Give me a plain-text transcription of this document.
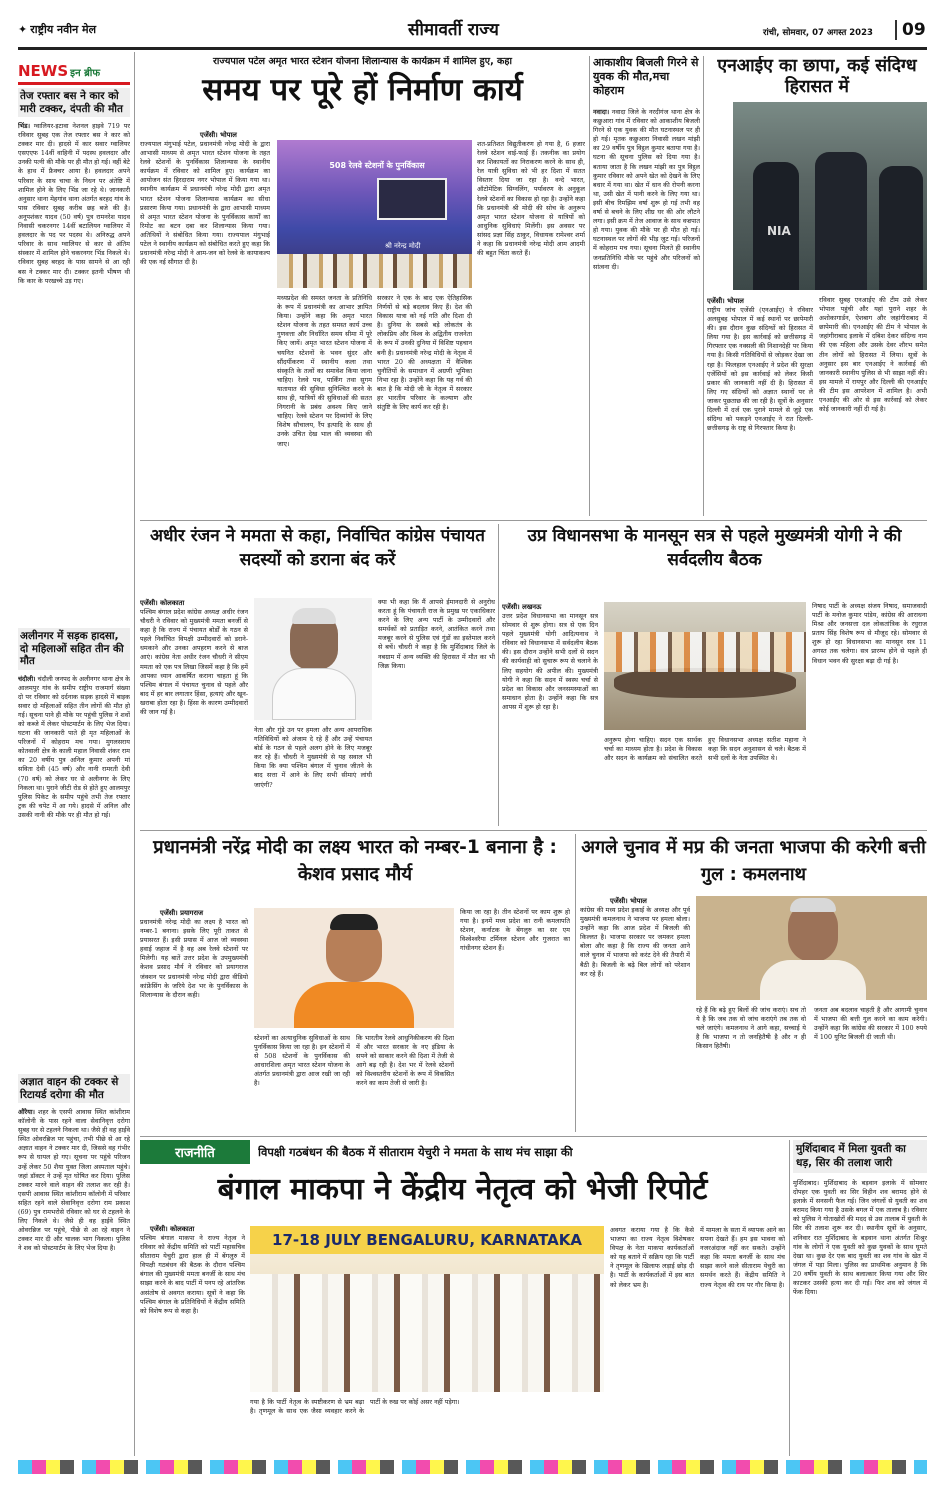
✦ राष्ट्रीय नवीन मेल	सीमावर्ती राज्य	रांची, सोमवार, 07 अगस्त 2023	09
NEWS इन ब्रीफ
तेज रफ्तार बस ने कार को मारी टक्कर, दंपती की मौत
भिंड। ग्वालियर-इटावा नेशनल हाइवे 719 पर रविवार सुबह एक तेज रफ्तार बस ने कार को टक्कर मार दी। हादसे में कार सवार ग्वालियर एसएएफ 14वीं वाहिनी में पदस्थ हवलदार और उनकी पत्नी की मौके पर ही मौत हो गई। वहीं बेटे के हाथ में फ्रैक्चर आया है। हवलदार अपने परिवार के साथ चाचा के निधन पर अंतेष्टि में शामिल होने के लिए भिंड जा रहे थे। जानकारी अनुसार थाना मेहगांव थाना अंतर्गत बरहद गांव के पास रविवार सुबह करीब छह बजे की है। अनूपशंकर यादव (50 वर्ष) पुत्र रामनरेश यादव निवासी चकरनगर 14वीं बटालियन ग्वालियर में हवलदार के पद पर पदस्थ थे। अनिरुद्ध अपने परिवार के साथ ग्वालियर से कार से अंतिम संस्कार में शामिल होने चकरनगर भिंड निकले थे। रविवार सुबह बरहद के पास सामने से आ रही बस ने टक्कर मार दी। टक्कर इतनी भीषण थी कि कार के परखच्चे उड़ गए।
अलीनगर में सड़क हादसा, दो महिलाओं सहित तीन की मौत
चंदौली। चंदौली जनपद के अलीनगर थाना क्षेत्र के आलमपुर गांव के समीप राष्ट्रीय राजमार्ग संख्या दो पर रविवार को दर्दनाक सड़क हादसे में बाइक सवार दो महिलाओं सहित तीन लोगों की मौत हो गई। सूचना पाने ही मौके पर पहुंची पुलिस ने शवों को कब्जे में लेकर पोस्टमार्टम के लिए भेज दिया। घटना की जानकारी पाते ही मृत महिलाओं के परिजनों में कोहराम मच गया। मुगलसराय कोतवाली क्षेत्र के काली महाल निवासी शंकर राम का 20 वर्षीय पुत्र अनिल कुमार अपनी मां सविता देवी (45 वर्ष) और नानी रामरती देवी (70 वर्ष) को लेकर घर से अलीनगर के लिए निकला था। पुराने जीटी रोड से होते हुए आलमपुर पुलिस पिकेट के समीप पहुंचे तभी तेज रफ्तार ट्रक की चपेट में आ गये। हादसे में अनिल और उसकी नानी की मौके पर ही मौत हो गई।
अज्ञात वाहन की टक्कर से रिटायर्ड दरोगा की मौत
औरैया। शहर के एसपी आवास स्थित कांशीराम कॉलोनी के पास रहने वाला सेवानिवृत्त दरोगा सुबह घर से टहलने निकला था। जैसे ही वह हाईवे स्थित ओवरब्रिज पर पहुंचा, तभी पीछे से आ रहे अज्ञात वाहन ने टक्कर मार दी, जिससे वह गंभीर रूप से घायल हो गए। सूचना पर पहुंचे परिजन उन्हें लेकर 50 शैया युक्त जिला अस्पताल पहुंचे। जहां डॉक्टर ने उन्हें मृत घोषित कर दिया। पुलिस टक्कर मारने वाले वाहन की तलाश कर रही है। एसपी आवास स्थित कांशीराम कॉलोनी में परिवार सहित रहने वाले सेवानिवृत्त दरोगा राम प्रकाश (69) पुत्र रामभरोसे रविवार को घर से टहलने के लिए निकले थे। जैसे ही वह हाईवे स्थित ओवरब्रिज पर पहुंचे, पीछे से आ रहे वाहन ने टक्कर मार दी और चालक भाग निकला। पुलिस ने शव को पोस्टमार्टम के लिए भेज दिया है।
राज्यपाल पटेल अमृत भारत स्टेशन योजना शिलान्यास के कार्यक्रम में शामिल हुए, कहा
समय पर पूरे हों निर्माण कार्य
एजेंसी। भोपाल
राज्यपाल मंगुभाई पटेल, प्रधानमंत्री नरेन्द्र मोदी के द्वारा आभासी माध्यम से अमृत भारत स्टेशन योजना के तहत रेलवे स्टेशनों के पुनर्विकास शिलान्यास के स्थानीय कार्यक्रम में रविवार को शामिल हुए। कार्यक्रम का आयोजन संत हिरदाराम नगर भोपाल में किया गया था। स्थानीय कार्यक्रम में प्रधानमंत्री नरेन्द्र मोदी द्वारा अमृत भारत स्टेशन योजना शिलान्यास कार्यक्रम का सीधा प्रसारण किया गया। प्रधानमंत्री के द्वारा आभासी माध्यम से अमृत भारत स्टेशन योजना के पुनर्विकास कार्यों का रिमोट का बटन दबा कर शिलान्यास किया गया। अतिथियों ने संबोधित किया गया। राज्यपाल मंगुभाई पटेल ने स्थानीय कार्यक्रम को संबोधित करते हुए कहा कि प्रधानमंत्री नरेन्द्र मोदी ने आम-जन को रेलवे के कायाकल्प की एक नई सौगात दी है।
508 रेलवे स्टेशनों के पुनर्विकास
श्री नरेन्द्र मोदी
मध्यप्रदेश की समस्त जनता के प्रतिनिधि के रूप में प्रधानमंत्री का आभार ज्ञापित किया। उन्होंने कहा कि अमृत भारत स्टेशन योजना के तहत समस्त कार्य उच्च गुणवत्ता और निर्धारित समय सीमा में पूरे किए जायें। अमृत भारत स्टेशन योजना में चयनित स्टेशनों के भवन सुंदर और सौंदर्यीकरण में स्थानीय कला तथा संस्कृति के तत्वों का समावेश किया जाना चाहिए। रेलवे पथ, पार्किंग तथा सुगम यातायात की सुविधा सुनिश्चित करने के साथ ही, यात्रियों की सुविधाओं की सतत निगरानी के प्रबंध अवश्य किए जाने चाहिए। रेलवे स्टेशन पर दिव्यांगों के लिए विशेष सौचालय, रैंप इत्यादि के साथ ही उनके उचित देख भाल की व्यवस्था की जाए।
सरकार ने एक के बाद एक ऐतिहासिक निर्णयों से बड़े बदलाव किए हैं। देश की विकास यात्रा को नई गति और दिशा दी है। दुनिया के सबसे बड़े लोकतंत्र के लोकप्रिय और विश्व के अद्वितीय राजनेता के रूप में उनकी दुनिया में विशिष्ट पहचान बनी है। प्रधानमंत्री नरेन्द्र मोदी के नेतृत्व में भारत 20 की अध्यक्षता में वैश्विक चुनौतियों के समाधान में अग्रणी भूमिका निभा रहा है। उन्होंने कहा कि यह गर्व की बात है कि मोदी जी के नेतृत्व में सरकार हर भारतीय परिवार के कल्याण और संतुष्टि के लिए कार्य कर रही है।
शत-प्रतिशत विद्युतीकरण हो गया है, 6 हजार रेलवे स्टेशन वाई-फाई हैं। तकनीक का प्रयोग कर शिकायतों का निराकरण करने के साथ ही, रेल यात्री सुविधा को भी हर दिशा में सतत विस्तार दिया जा रहा है। वन्दे भारत, ऑटोमेटिक सिग्नलिंग, पर्यावरण के अनुकूल रेलवे स्टेशनों का विकास हो रहा है। उन्होंने कहा कि प्रधानमंत्री श्री मोदी की सोच के अनुरूप अमृत भारत स्टेशन योजना से यात्रियों को आधुनिक सुविधाएं मिलेंगी। इस अवसर पर सांसद प्रज्ञा सिंह ठाकुर, विधायक रामेश्वर शर्मा ने कहा कि प्रधानमंत्री नरेन्द्र मोदी आम आदमी की बहुत चिंता करते हैं।
आकाशीय बिजली गिरने से युवक की मौत,मचा कोहराम
नवादा। नवादा जिले के नरदीगंज थाना क्षेत्र के कछुआरा गांव में रविवार को आकाशीय बिजली गिरने से एक युवक की मौत घटनास्थल पर ही हो गई। मृतक कछुआरा निवासी लखन मांझी का 29 वर्षीय पुत्र विट्ठल कुमार बताया गया है। घटना की सूचना पुलिस को दिया गया है। बताया जाता है कि लखन मांझी का पुत्र विट्ठल कुमार रविवार को अपने खेत को देखने के लिए बधार में गया था। खेत में धान की रोपनी करना था, उसी खेत में पानी करने के लिए गया था। इसी बीच रिमझिम वर्षा शुरू हो गई तभी वह वर्षा से बचने के लिए शीघ्र घर की ओर लौटने लगा। इसी क्रम में तेज आवाज के साथ वज्रपात हो गया। युवक की मौके पर ही मौत हो गई। घटनास्थल पर लोगों की भीड़ जुट गई। परिजनों में कोहराम मच गया। सूचना मिलते ही स्थानीय जनप्रतिनिधि मौके पर पहुंचे और परिजनों को सांत्वना दी।
एनआईए का छापा, कई संदिग्ध हिरासत में
NIA
एजेंसी। भोपाल
राष्ट्रीय जांच एजेंसी (एनआईए) ने रविवार अलसुबह भोपाल में कई स्थानों पर छापेमारी की। इस दौरान कुछ संदिग्धों को हिरासत में लिया गया है। इस कार्रवाई को छत्तीसगढ़ में गिरफ्तार एक नक्सली की निशानदेही पर किया गया है। किसी गतिविधियों से जोड़कर देखा जा रहा है। फिलहाल एनआईए ने प्रदेश की सुरक्षा एजेंसियों को इस कार्रवाई को लेकर किसी प्रकार की जानकारी नहीं दी है। हिरासत में लिए गए संदिग्धों को अज्ञात स्थानों पर ले जाकर पूछताछ की जा रही है। सूत्रों के अनुसार दिल्ली में दर्ज एक पुराने मामले से जुड़े एक संदिग्ध को पकड़ने एनआईए ने रात दिल्ली-छत्तीसगढ़ के राष्ट्र से गिरफ्तार किया है।
रविवार सुबह एनआईए की टीम उसे लेकर भोपाल पहुंची और यहां पुराने शहर के अशोकागार्डन, ऐशबाग और जहांगीराबाद में छापेमारी की। एनआईए की टीम ने भोपाल के जहांगीराबाद इलाके में दबिश देकर संदिग्ध नाम की एक महिला और उसके देवर शौरभ समेत तीन लोगों को हिरासत में लिया। सूत्रों के अनुसार इस बार एनआईए ने कार्रवाई की जानकारी स्थानीय पुलिस से भी साझा नहीं की। इस मामले में रायपुर और दिल्ली की एनआईए की टीम इस आपरेशन में शामिल है। अभी एनआईए की ओर से इस कार्रवाई को लेकर कोई जानकारी नहीं दी गई है।
अधीर रंजन ने ममता से कहा, निर्वाचित कांग्रेस पंचायत सदस्यों को डराना बंद करें
एजेंसी। कोलकाता
पश्चिम बंगाल प्रदेश कांग्रेस अध्यक्ष अधीर रंजन चौधरी ने रविवार को मुख्यमंत्री ममता बनर्जी से कहा है कि राज्य में पंचायत बोर्डों के गठन से पहले निर्वाचित विपक्षी उम्मीदवारों को डराने-धमकाने और उनका अपहरण करने से बाज आएं। कांग्रेस नेता अधीर रंजन चौधरी ने सीएम ममता को एक पत्र लिखा जिसमें कहा है कि हमें आपका ध्यान आकर्षित कराना चाहता हूं कि पश्चिम बंगाल में पंचायत चुनाव से पहले और बाद में हर बार लगातार हिंसा, हत्याएं और खून-खराबा होता रहा है। हिंसा के कारण उम्मीदवारों की जान गई है।
नेता और गुंडे उन पर हमला और अन्य आपराधिक गतिविधियों को अंजाम दे रहे हैं और उन्हें पंचायत बोर्ड के गठन से पहले अलग होने के लिए मजबूर कर रहे हैं। चौधरी ने मुख्यमंत्री से यह सवाल भी किया कि क्या पश्चिम बंगाल में चुनाव जीतने के बाद सत्ता में आने के लिए सभी सीमाएं लांघी जाएंगी?
क्या भी कहा कि मैं आपसे ईमानदारी से अनुरोध करता हूं कि पंचायती राज के प्रमुख पर एकाधिकार करने के लिए अन्य पार्टी के उम्मीदवारों और समर्थकों को प्रताड़ित करने, आतंकित करने तथा मजबूर करने से पुलिस एवं गुंडों का इस्तेमाल करने से बचें। चौधरी ने कहा है कि मुर्शिदाबाद जिले के नबग्राम में अन्य व्यक्ति की हिरासत में मौत का भी जिक्र किया।
उप्र विधानसभा के मानसून सत्र से पहले मुख्यमंत्री योगी ने की सर्वदलीय बैठक
एजेंसी। लखनऊ
उत्तर प्रदेश विधानसभा का मानसून सत्र सोमवार से शुरू होगा। सत्र से एक दिन पहले मुख्यमंत्री योगी आदित्यनाथ ने रविवार को विधानसभा में सर्वदलीय बैठक की। इस दौरान उन्होंने सभी दलों से सदन की कार्यवाही को सुचारू रूप से चलाने के लिए सहयोग की अपील की। मुख्यमंत्री योगी ने कहा कि सदन में स्वस्थ चर्चा से प्रदेश का विकास और जनसमस्याओं का समाधान होता है। उन्होंने कहा कि सत्र आपस में शुरू हो रहा है।
अनुरूप होना चाहिए। सदन एक सार्थक चर्चा का माध्यम होता है। प्रदेश के विकास और सदन के कार्यक्रम को संचालित करते हुए विधानसभा अध्यक्ष सतीश महाना ने कहा कि सदन अनुशासन से चले। बैठक में सभी दलों के नेता उपस्थित थे।
निषाद पार्टी के अध्यक्ष संजय निषाद, समाजवादी पार्टी के मनोज कुमार पांडेय, कांग्रेस की आराधना मिश्रा और जनसत्ता दल लोकतांत्रिक के रघुराज प्रताप सिंह विशेष रूप से मौजूद रहे। सोमवार से शुरू हो रहा विधानसभा का मानसून सत्र 11 अगस्त तक चलेगा। सत्र प्रारम्भ होने से पहले ही विधान भवन की सुरक्षा बढ़ा दी गई है।
प्रधानमंत्री नरेंद्र मोदी का लक्ष्य भारत को नम्बर-1 बनाना है : केशव प्रसाद मौर्य
एजेंसी। प्रयागराज
प्रधानमंत्री नरेन्द्र मोदी का लक्ष्य है भारत को नम्बर-1 बनाना। इसके लिए पूरी ताकत से प्रयासरत हैं। इसी प्रयास में आज जो व्यवस्था हवाई जहाज में है वह अब रेलवे स्टेशनों पर मिलेगी। यह बातें उत्तर प्रदेश के उपमुख्यमंत्री केशव प्रसाद मौर्य ने रविवार को प्रयागराज जंक्शन पर प्रधानमंत्री नरेन्द्र मोदी द्वारा वीडियो कांफ्रेंसिंग के जरिये देश भर के पुनर्विकास के शिलान्यास के दौरान कही।
स्टेशनों का अत्याधुनिक सुविधाओं के साथ पुनर्विकास किया जा रहा है। इन स्टेशनों में से 508 स्टेशनों के पुनर्विकास की आधारशिला अमृत भारत स्टेशन योजना के अंतर्गत प्रधानमंत्री द्वारा आज रखी जा रही है।
कि भारतीय रेलवे आधुनिकीकरण की दिशा में और भारत सरकार के नए इंडिया के सपने को साकार करने की दिशा में तेजी से आगे बढ़ रही है। देश भर में रेलवे स्टेशनों को विश्वस्तरीय स्टेशनों के रूप में विकसित करने का काम तेजी से जारी है।
किया जा रहा है। तीन स्टेशनों पर काम शुरू हो गया है। इनमें मध्य प्रदेश का रानी कमलापति स्टेशन, कर्नाटक के बेंगलुरु का सर एम विश्वेश्वरैया टर्मिनल स्टेशन और गुजरात का गांधीनगर स्टेशन हैं।
अगले चुनाव में मप्र की जनता भाजपा की करेगी बत्ती गुल : कमलनाथ
एजेंसी। भोपाल
कांग्रेस की मध्य प्रदेश इकाई के अध्यक्ष और पूर्व मुख्यमंत्री कमलनाथ ने भाजपा पर हमला बोला। उन्होंने कहा कि आज प्रदेश में बिजली की किल्लत है। भाजपा सरकार पर जमकर हमला बोला और कहा है कि राज्य की जनता आने वाले चुनाव में भाजपा को करंट देने की तैयारी में बैठी है। बिजली के बढ़े बिल लोगों को परेशान कर रहे हैं।
रहे हैं कि बढ़े हुए बिलों की जांच कराएं। सच तो ये है कि जब तक वो जांच कराएंगे तब तक वो चले जाएंगे। कमलनाथ ने आगे कहा, सच्चाई ये है कि भाजपा न तो जनहितैषी है और न ही किसान हितैषी।
जनता अब बदलाव चाहती है और आगामी चुनाव में भाजपा की बत्ती गुल करने का काम करेगी। उन्होंने कहा कि कांग्रेस की सरकार में 100 रुपये में 100 यूनिट बिजली दी जाती थी।
राजनीति	विपक्षी गठबंधन की बैठक में सीताराम येचुरी ने ममता के साथ मंच साझा की
बंगाल माकपा ने केंद्रीय नेतृत्व को भेजी रिपोर्ट
एजेंसी। कोलकाता
पश्चिम बंगाल माकपा ने राज्य नेतृत्व ने रविवार को केंद्रीय समिति को पार्टी महासचिव सीताराम येचुरी द्वारा हाल ही में बेंगलुरु में विपक्षी गठबंधन की बैठक के दौरान पश्चिम बंगाल की मुख्यमंत्री ममता बनर्जी के साथ मंच साझा करने के बाद पार्टी में पनप रहे आंतरिक असंतोष से अवगत कराया। सूत्रों ने कहा कि पश्चिम बंगाल के प्रतिनिधियों ने केंद्रीय समिति को विशेष रूप से कहा है।
17-18 JULY BENGALURU, KARNATAKA
गया है कि पार्टी नेतृत्व के स्पष्टीकरण से भ्रम बढ़ा है। तृणमूल के साथ एक जैसा व्यवहार करने के पार्टी के रुख पर कोई असर नहीं पड़ेगा।
अवगत कराया गया है कि कैसे भाजपा का राज्य नेतृत्व विशेषकर विपक्ष के नेता माकपा कार्यकर्ताओं को यह बताने में सक्रिय रहा कि पार्टी ने तृणमूल के खिलाफ लड़ाई छोड़ दी है। पार्टी के कार्यकर्ताओं में इस बात को लेकर भ्रम है।
में मामला के सता में व्यापक आने का सपना देखते हैं। हम इस भावना को नजरअंदाज नहीं कर सकते। उन्होंने कहा कि ममता बनर्जी के साथ मंच साझा करने वाले सीताराम येचुरी का समर्थन करते हैं। केंद्रीय समिति ने राज्य नेतृत्व की राय पर गौर किया है।
मुर्शिदाबाद में मिला युवती का धड़, सिर की तलाश जारी
मुर्शिदाबाद। मुर्शिदाबाद के बड़वान इलाके में सोमवार दोपहर एक युवती का सिर विहीन शव बरामद होने से इलाके में सनसनी फैल गई। जिन जंगलों से युवती का शव बरामद किया गया है उसके बगल में एक तालाब है। रविवार को पुलिस ने गोताखोरों की मदद से उस तालाब में युवती के सिर की तलाश शुरू कर दी। स्थानीय सूत्रों के अनुसार, शनिवार रात मुर्शिदाबाद के बड़वान थाना अंतर्गत शिश्रुर गांव के लोगों ने एक युवती को कुछ युवकों के साथ घूमते देखा था। कुछ देर एक बाद युवती का शव गांव के खेत में जंगल में पड़ा मिला। पुलिस का प्राथमिक अनुमान है कि 20 वर्षीय युवती के साथ बलात्कार किया गया और सिर काटकर उसकी हत्या कर दी गई। फिर शव को जंगल में फेंक दिया।
